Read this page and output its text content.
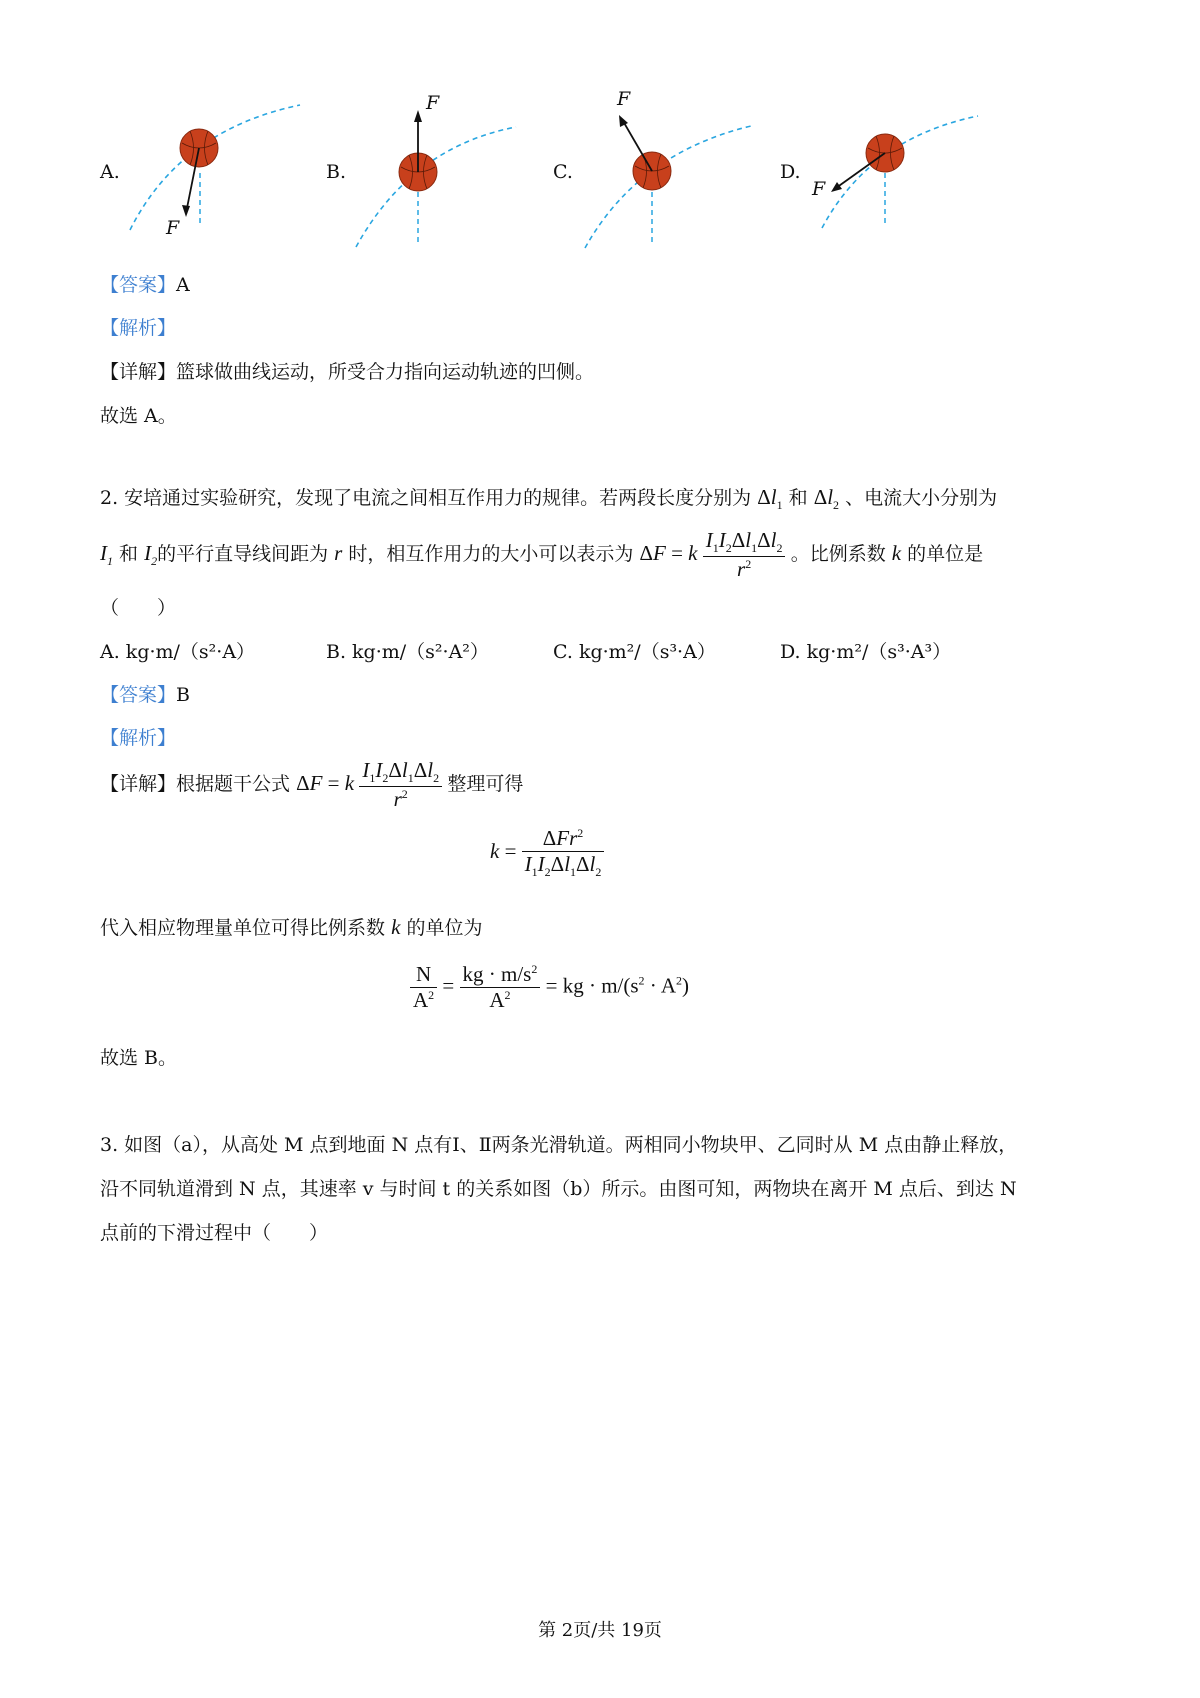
A.
F
B.
F
C.
F
D.
F
【答案】A
【解析】
【详解】篮球做曲线运动，所受合力指向运动轨迹的凹侧。
故选 A。
2. 安培通过实验研究，发现了电流之间相互作用力的规律。若两段长度分别为 $\Delta l_1$ 和 $\Delta l_2$ 、电流大小分别为
$I_1$ 和 $I_2$的平行直导线间距为 r 时，相互作用力的大小可以表示为 ΔF = k $\frac{I_1I_2\Delta l_1\Delta l_2}{r^2}$ 。比例系数 k 的单位是
（　　）
A. kg·m/（s²·A）	B. kg·m/（s²·A²）	C. kg·m²/（s³·A）	D. kg·m²/（s³·A³）
【答案】B
【解析】
【详解】根据题干公式 ΔF = k $\frac{I_1I_2\Delta l_1\Delta l_2}{r^2}$ 整理可得
$k = \frac{\Delta Fr^2}{I_1I_2\Delta l_1\Delta l_2}$
代入相应物理量单位可得比例系数 k 的单位为
$\frac{N}{A^2} = \frac{kg \cdot m/s^2}{A^2}$ = kg · $m/(s^2 \cdot A^2)$
故选 B。
3. 如图（a），从高处 M 点到地面 N 点有Ⅰ、Ⅱ两条光滑轨道。两相同小物块甲、乙同时从 M 点由静止释放，
沿不同轨道滑到 N 点，其速率 v 与时间 t 的关系如图（b）所示。由图可知，两物块在离开 M 点后、到达 N
点前的下滑过程中（　　）
第 2页/共 19页
